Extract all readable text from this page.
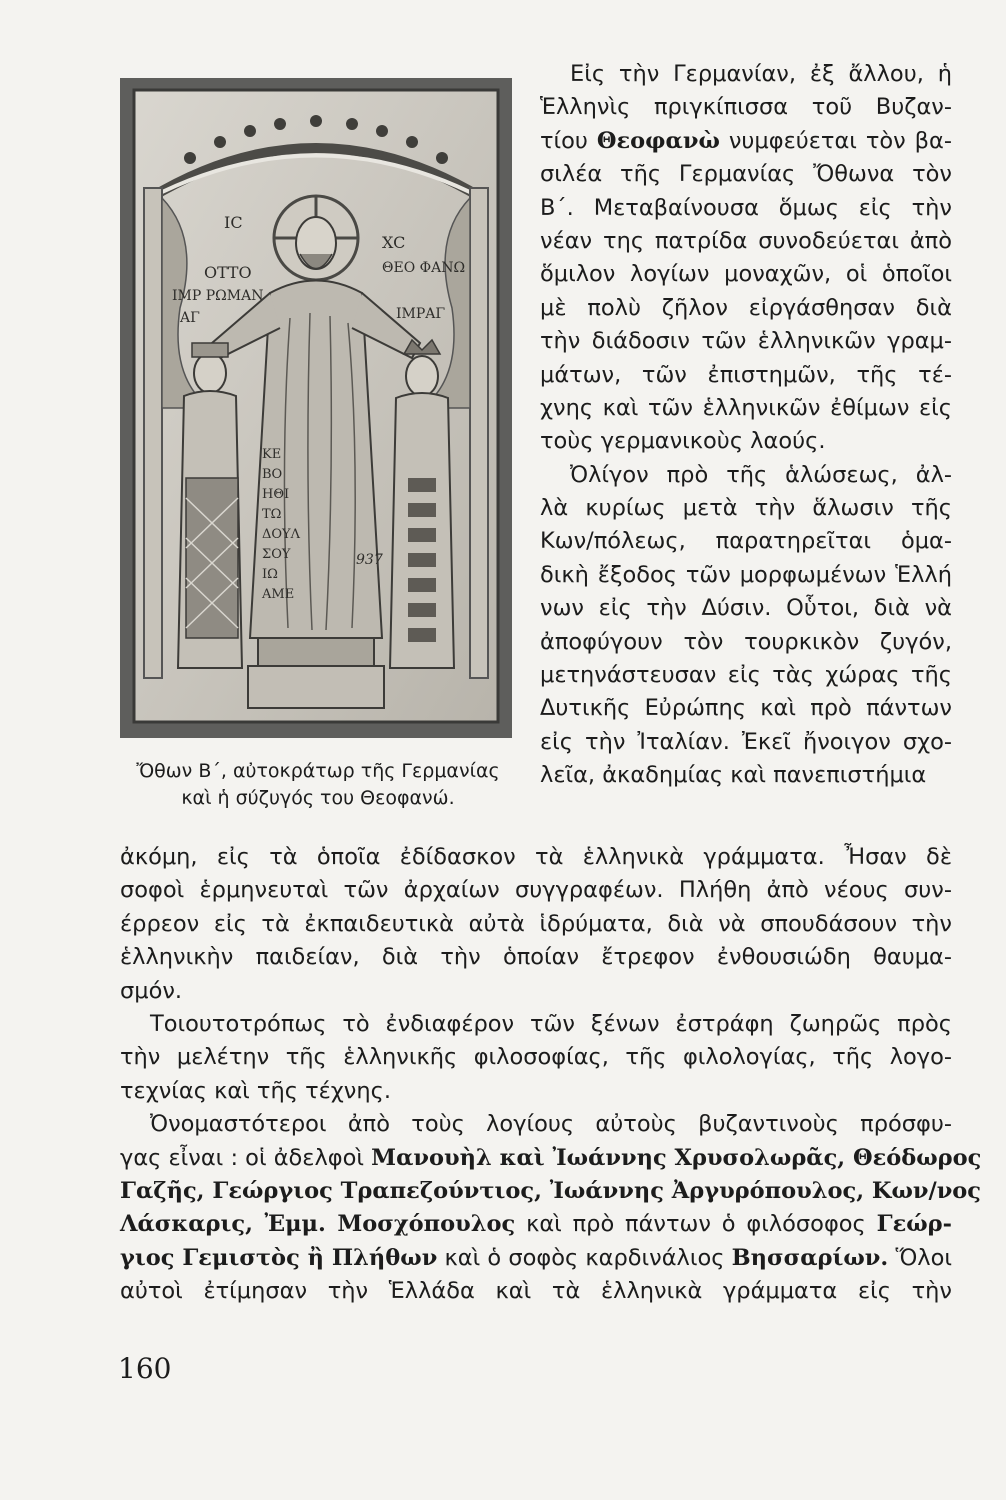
IC
XC
ΟΤΤΟ
ΙΜΡ ΡΩΜΑΝ
ΑΓ
ΘΕΟ ΦΑΝΩ
ΙΜΡΑΓ
ΚΕ
ΒΟ
ΗΘΙ
ΤΩ
ΔΟΥΛ
ΣΟΥ
ΙΩ
ΑΜΕ
937
Ὄθων Β΄, αὐτοκράτωρ τῆς Γερμανίας
καὶ ἡ σύζυγός του Θεοφανώ.
Εἰς τὴν Γερμανίαν, ἐξ ἄλλου, ἡ
Ἑλληνὶς πριγκίπισσα τοῦ Βυζαν-
τίου Θεοφανὼ νυμφεύεται τὸν βα-
σιλέα τῆς Γερμανίας Ὄθωνα τὸν
Β΄. Μεταβαίνουσα ὅμως εἰς τὴν
νέαν της πατρίδα συνοδεύεται ἀπὸ
ὅμιλον λογίων μοναχῶν, οἱ ὁποῖοι
μὲ πολὺ ζῆλον εἰργάσθησαν διὰ
τὴν διάδοσιν τῶν ἑλληνικῶν γραμ-
μάτων, τῶν ἐπιστημῶν, τῆς τέ-
χνης καὶ τῶν ἑλληνικῶν ἐθίμων εἰς
τοὺς γερμανικοὺς λαούς.
Ὀλίγον πρὸ τῆς ἁλώσεως, ἀλ-
λὰ κυρίως μετὰ τὴν ἅλωσιν τῆς
Κων/πόλεως, παρατηρεῖται ὁμα-
δικὴ ἔξοδος τῶν μορφωμένων Ἑλλή
νων εἰς τὴν Δύσιν. Οὗτοι, διὰ νὰ
ἀποφύγουν τὸν τουρκικὸν ζυγόν,
μετηνάστευσαν εἰς τὰς χώρας τῆς
Δυτικῆς Εὐρώπης καὶ πρὸ πάντων
εἰς τὴν Ἰταλίαν. Ἐκεῖ ἤνοιγον σχο-
λεῖα, ἀκαδημίας καὶ πανεπιστήμια
ἀκόμη, εἰς τὰ ὁποῖα ἐδίδασκον τὰ ἑλληνικὰ γράμματα. Ἦσαν δὲ
σοφοὶ ἑρμηνευταὶ τῶν ἀρχαίων συγγραφέων. Πλήθη ἀπὸ νέους συν-
έρρεον εἰς τὰ ἐκπαιδευτικὰ αὐτὰ ἱδρύματα, διὰ νὰ σπουδάσουν τὴν
ἑλληνικὴν παιδείαν, διὰ τὴν ὁποίαν ἔτρεφον ἐνθουσιώδη θαυμα-
σμόν.
Τοιουτοτρόπως τὸ ἐνδιαφέρον τῶν ξένων ἐστράφη ζωηρῶς πρὸς
τὴν μελέτην τῆς ἑλληνικῆς φιλοσοφίας, τῆς φιλολογίας, τῆς λογο-
τεχνίας καὶ τῆς τέχνης.
Ὀνομαστότεροι ἀπὸ τοὺς λογίους αὐτοὺς βυζαντινοὺς πρόσφυ-
γας εἶναι : οἱ ἀδελφοὶ Μανουὴλ καὶ Ἰωάννης Χρυσολωρᾶς, Θεόδωρος
Γαζῆς, Γεώργιος Τραπεζούντιος, Ἰωάννης Ἀργυρόπουλος, Κων/νος
Λάσκαρις, Ἐμμ. Μοσχόπουλος καὶ πρὸ πάντων ὁ φιλόσοφος Γεώρ-
γιος Γεμιστὸς ἢ Πλήθων καὶ ὁ σοφὸς καρδινάλιος Βησσαρίων. Ὅλοι
αὐτοὶ ἐτίμησαν τὴν Ἑλλάδα καὶ τὰ ἑλληνικὰ γράμματα εἰς τὴν
160
